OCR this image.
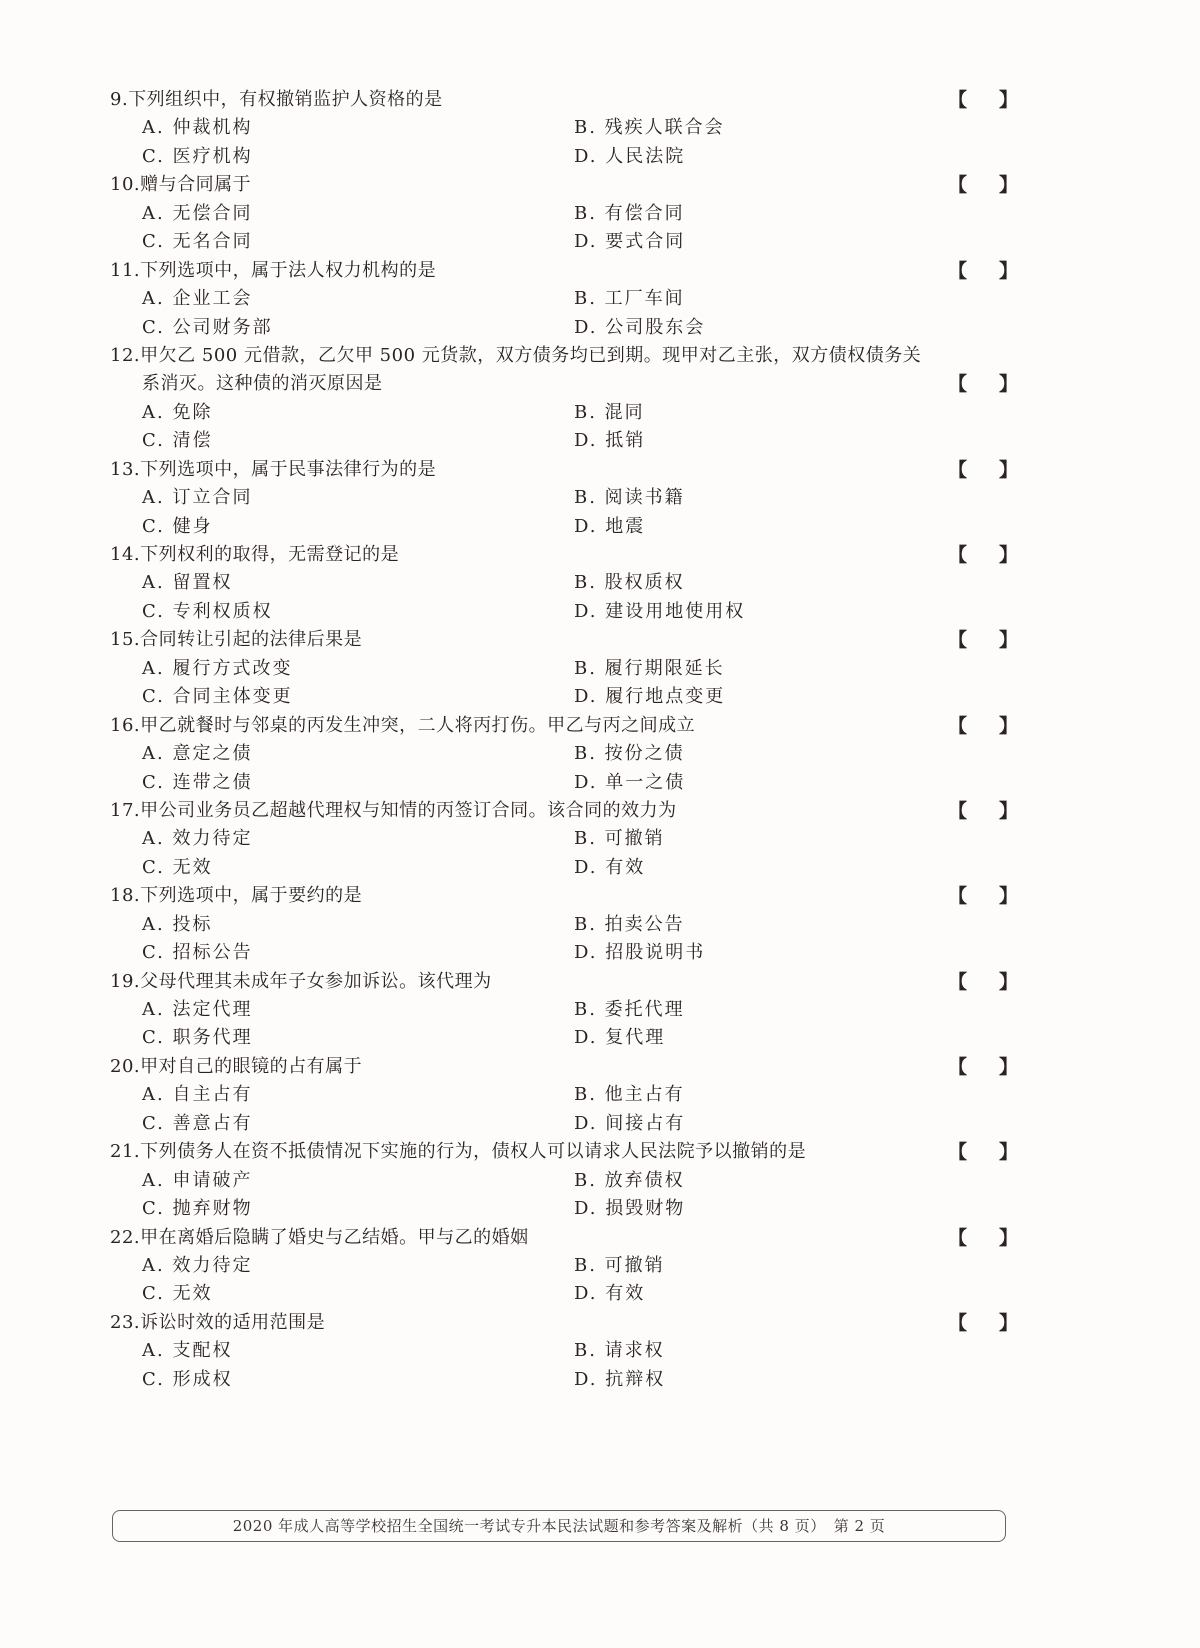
9.下列组织中，有权撤销监护人资格的是	【 】
A. 仲裁机构	B. 残疾人联合会
C. 医疗机构	D. 人民法院
10.赠与合同属于	【 】
A. 无偿合同	B. 有偿合同
C. 无名合同	D. 要式合同
11.下列选项中，属于法人权力机构的是	【 】
A. 企业工会	B. 工厂车间
C. 公司财务部	D. 公司股东会
12.甲欠乙 500 元借款，乙欠甲 500 元货款，双方债务均已到期。现甲对乙主张，双方债权债务关
系消灭。这种债的消灭原因是	【 】
A. 免除	B. 混同
C. 清偿	D. 抵销
13.下列选项中，属于民事法律行为的是	【 】
A. 订立合同	B. 阅读书籍
C. 健身	D. 地震
14.下列权利的取得，无需登记的是	【 】
A. 留置权	B. 股权质权
C. 专利权质权	D. 建设用地使用权
15.合同转让引起的法律后果是	【 】
A. 履行方式改变	B. 履行期限延长
C. 合同主体变更	D. 履行地点变更
16.甲乙就餐时与邻桌的丙发生冲突，二人将丙打伤。甲乙与丙之间成立	【 】
A. 意定之债	B. 按份之债
C. 连带之债	D. 单一之债
17.甲公司业务员乙超越代理权与知情的丙签订合同。该合同的效力为	【 】
A. 效力待定	B. 可撤销
C. 无效	D. 有效
18.下列选项中，属于要约的是	【 】
A. 投标	B. 拍卖公告
C. 招标公告	D. 招股说明书
19.父母代理其未成年子女参加诉讼。该代理为	【 】
A. 法定代理	B. 委托代理
C. 职务代理	D. 复代理
20.甲对自己的眼镜的占有属于	【 】
A. 自主占有	B. 他主占有
C. 善意占有	D. 间接占有
21.下列债务人在资不抵债情况下实施的行为，债权人可以请求人民法院予以撤销的是	【 】
A. 申请破产	B. 放弃债权
C. 抛弃财物	D. 损毁财物
22.甲在离婚后隐瞒了婚史与乙结婚。甲与乙的婚姻	【 】
A. 效力待定	B. 可撤销
C. 无效	D. 有效
23.诉讼时效的适用范围是	【 】
A. 支配权	B. 请求权
C. 形成权	D. 抗辩权
2020 年成人高等学校招生全国统一考试专升本民法试题和参考答案及解析（共 8 页）　第 2 页
